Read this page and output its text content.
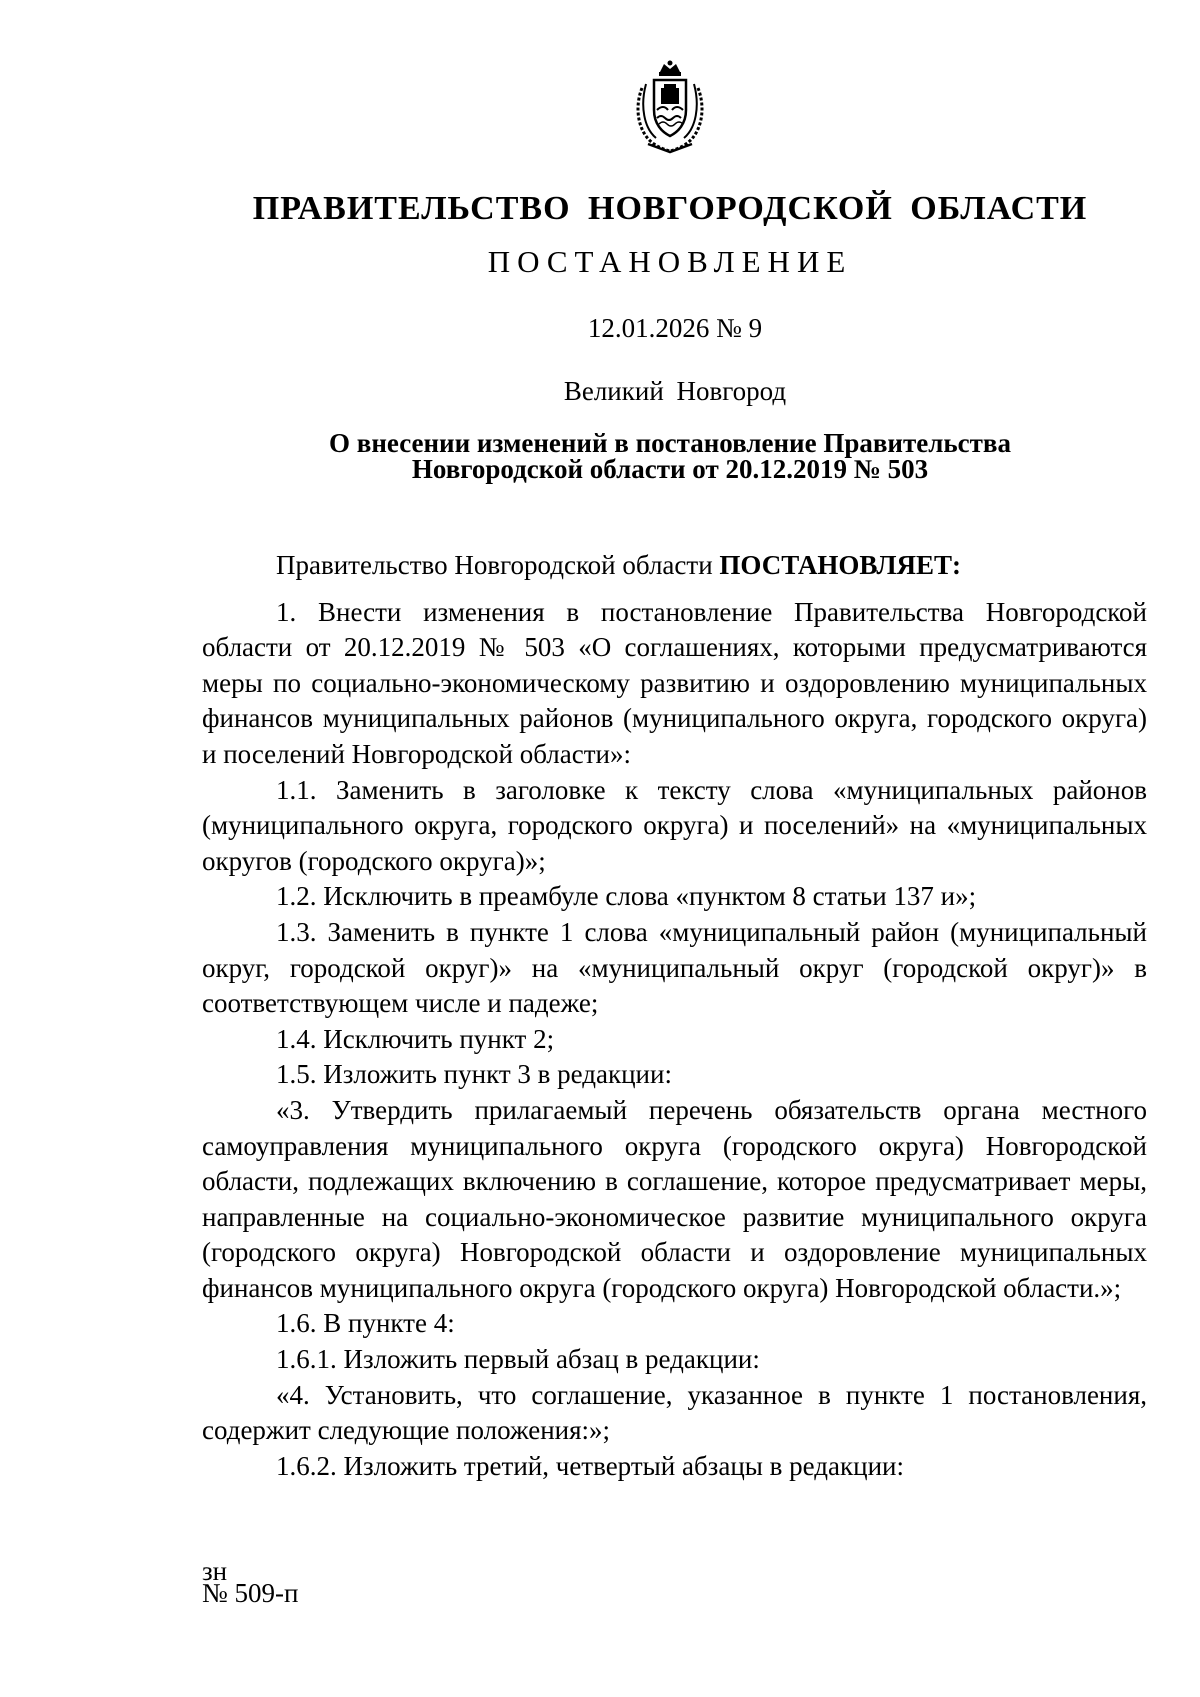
ПРАВИТЕЛЬСТВО НОВГОРОДСКОЙ ОБЛАСТИ
ПОСТАНОВЛЕНИЕ
12.01.2026 № 9
Великий Новгород
О внесении изменений в постановление Правительства
Новгородской области от 20.12.2019 № 503

Правительство Новгородской области ПОСТАНОВЛЯЕТ:

1. Внести изменения в постановление Правительства Новгородской области от 20.12.2019 № 503 «О соглашениях, которыми предусматриваются меры по социально-экономическому развитию и оздоровлению муниципальных финансов муниципальных районов (муниципального округа, городского округа) и поселений Новгородской области»:

1.1. Заменить в заголовке к тексту слова «муниципальных районов (муниципального округа, городского округа) и поселений» на «муниципальных округов (городского округа)»;

1.2. Исключить в преамбуле слова «пунктом 8 статьи 137 и»;

1.3. Заменить в пункте 1 слова «муниципальный район (муниципальный округ, городской округ)» на «муниципальный округ (городской округ)» в соответствующем числе и падеже;

1.4. Исключить пункт 2;

1.5. Изложить пункт 3 в редакции:

«3. Утвердить прилагаемый перечень обязательств органа местного самоуправления муниципального округа (городского округа) Новгородской области, подлежащих включению в соглашение, которое предусматривает меры, направленные на социально-экономическое развитие муниципального округа (городского округа) Новгородской области и оздоровление муниципальных финансов муниципального округа (городского округа) Новгородской области.»;

1.6. В пункте 4:

1.6.1. Изложить первый абзац в редакции:

«4. Установить, что соглашение, указанное в пункте 1 постановления, содержит следующие положения:»;

1.6.2. Изложить третий, четвертый абзацы в редакции:

зн
№ 509-п
